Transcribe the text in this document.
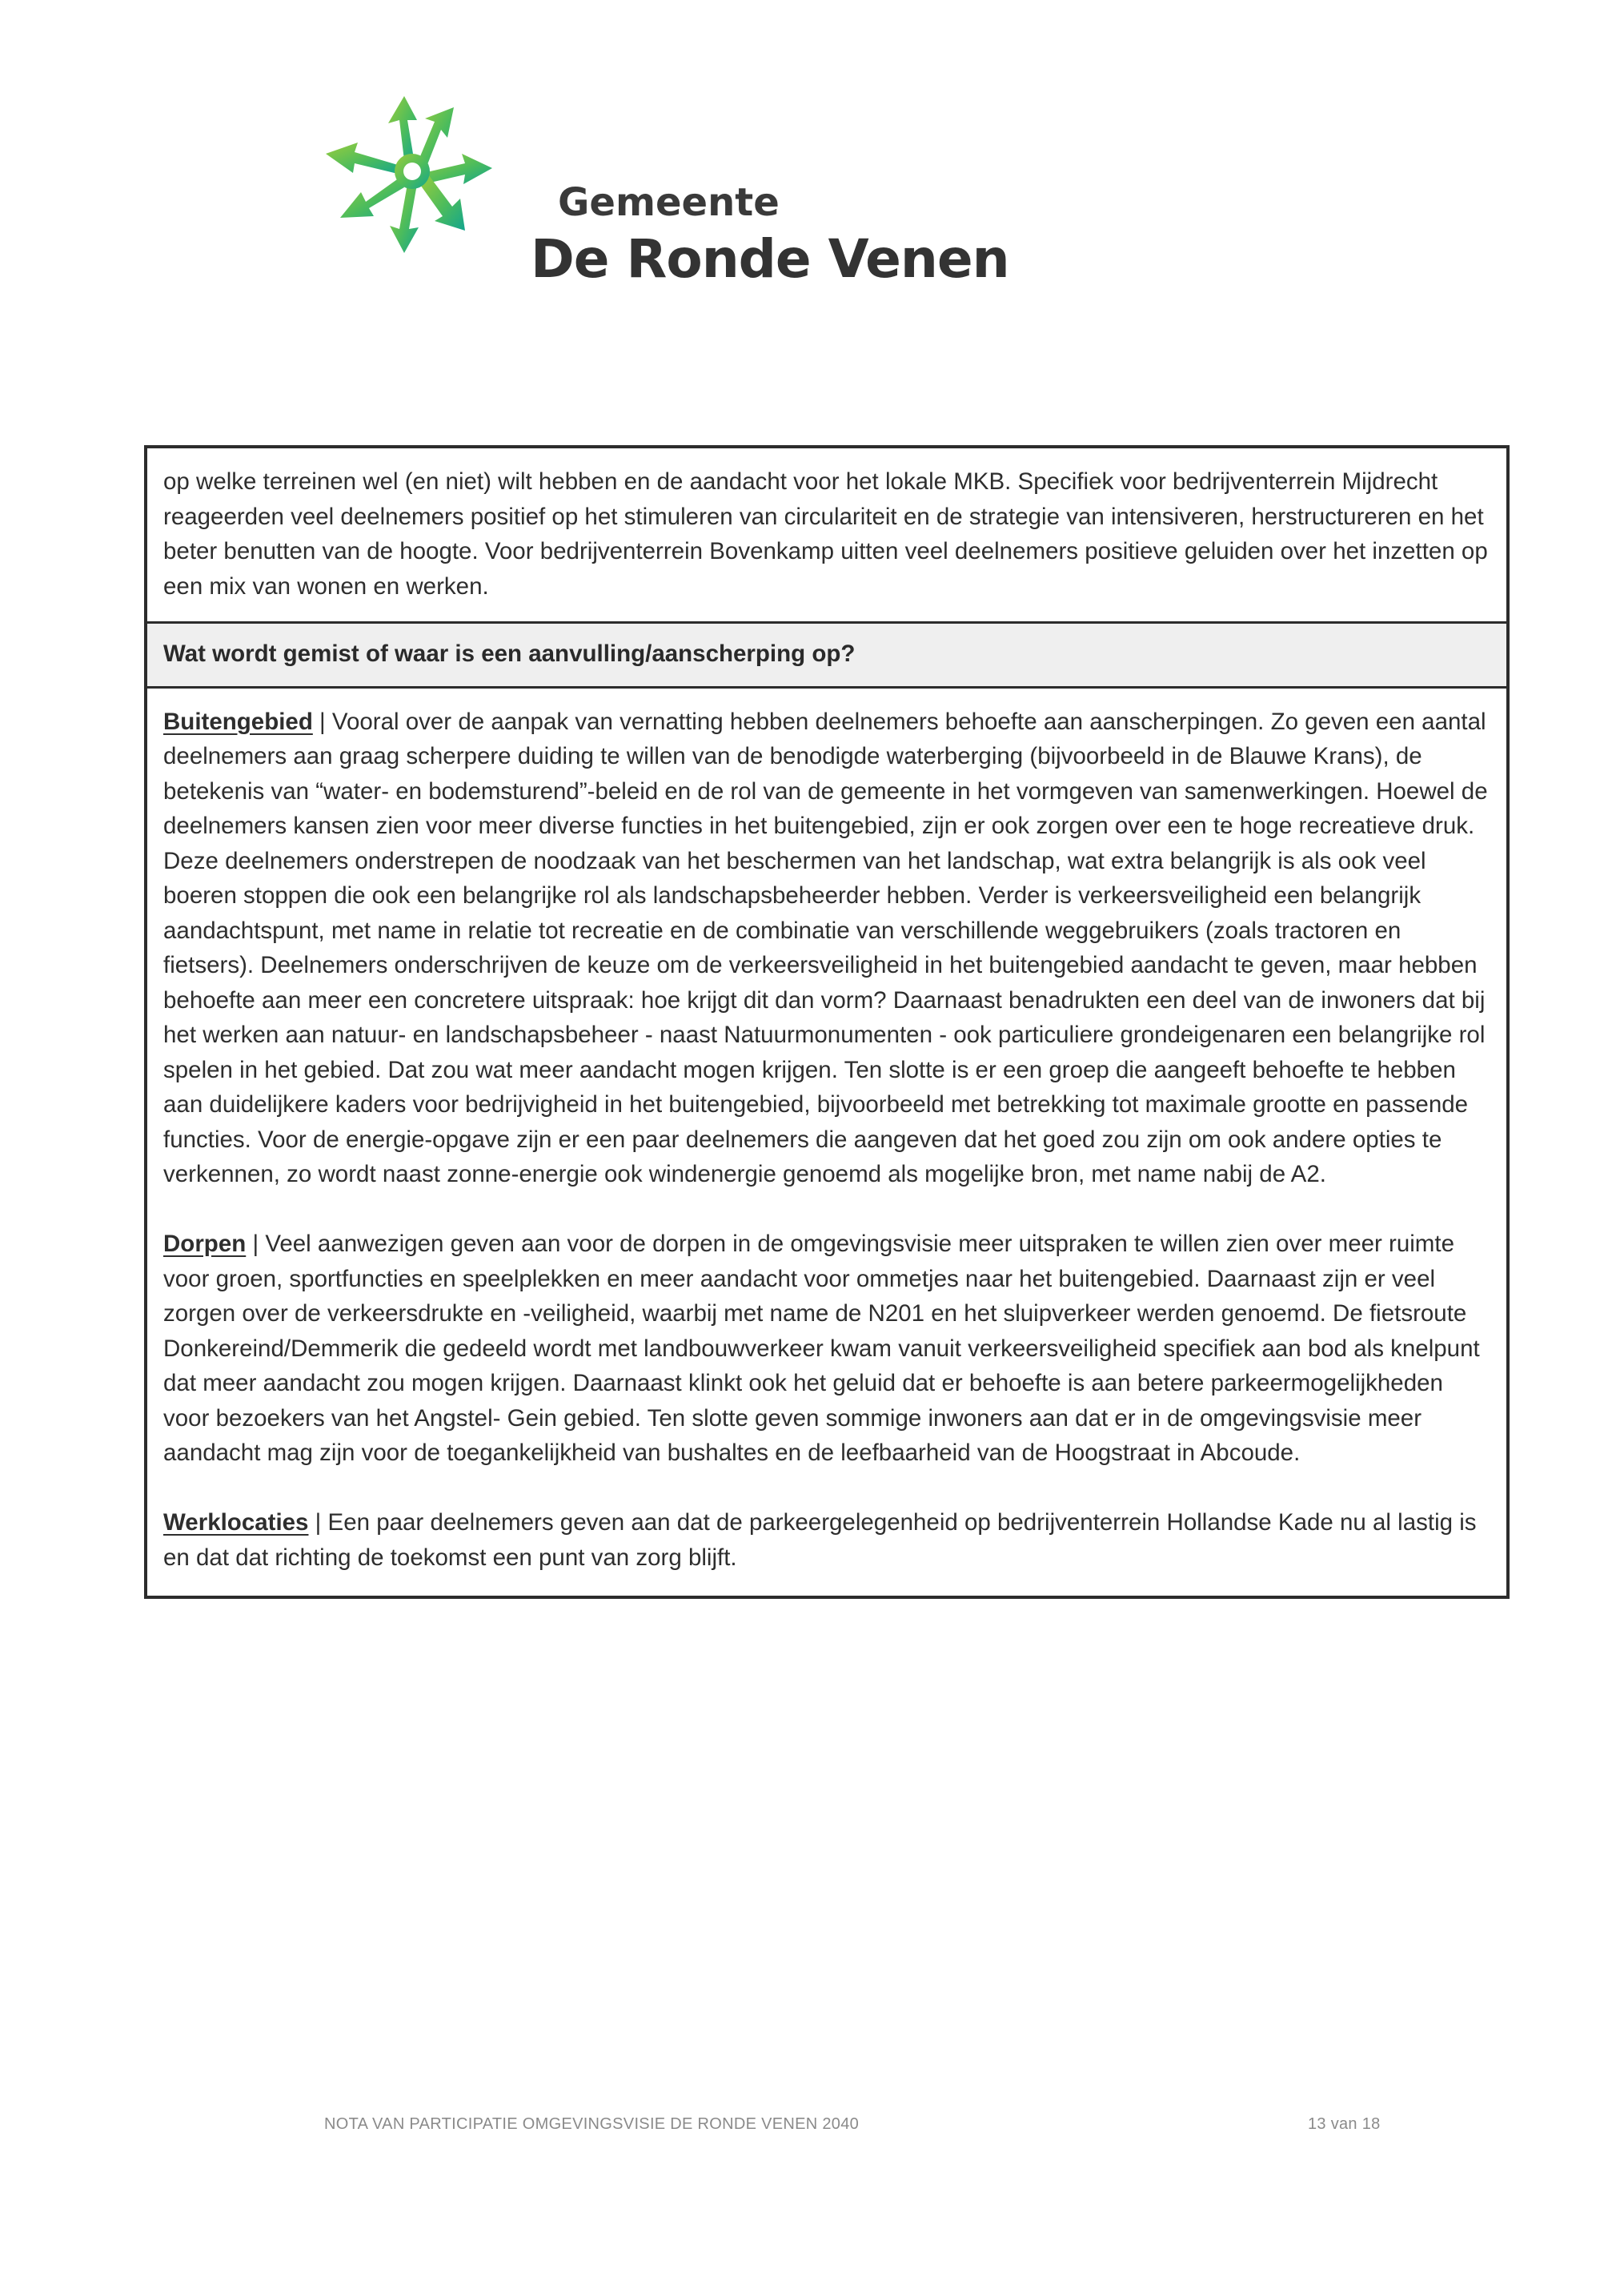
Gemeente
De Ronde Venen

op welke terreinen wel (en niet) wilt hebben en de aandacht voor het lokale MKB. Specifiek voor bedrijventerrein Mijdrecht reageerden veel deelnemers positief op het stimuleren van circulariteit en de strategie van intensiveren, herstructureren en het beter benutten van de hoogte. Voor bedrijventerrein Bovenkamp uitten veel deelnemers positieve geluiden over het inzetten op een mix van wonen en werken.

Wat wordt gemist of waar is een aanvulling/aanscherping op?

Buitengebied | Vooral over de aanpak van vernatting hebben deelnemers behoefte aan aanscherpingen. Zo geven een aantal deelnemers aan graag scherpere duiding te willen van de benodigde waterberging (bijvoorbeeld in de Blauwe Krans), de betekenis van “water- en bodemsturend”-beleid en de rol van de gemeente in het vormgeven van samenwerkingen. Hoewel de deelnemers kansen zien voor meer diverse functies in het buitengebied, zijn er ook zorgen over een te hoge recreatieve druk. Deze deelnemers onderstrepen de noodzaak van het beschermen van het landschap, wat extra belangrijk is als ook veel boeren stoppen die ook een belangrijke rol als landschapsbeheerder hebben. Verder is verkeersveiligheid een belangrijk aandachtspunt, met name in relatie tot recreatie en de combinatie van verschillende weggebruikers (zoals tractoren en fietsers). Deelnemers onderschrijven de keuze om de verkeersveiligheid in het buitengebied aandacht te geven, maar hebben behoefte aan meer een concretere uitspraak: hoe krijgt dit dan vorm? Daarnaast benadrukten een deel van de inwoners dat bij het werken aan natuur- en landschapsbeheer - naast Natuurmonumenten - ook particuliere grondeigenaren een belangrijke rol spelen in het gebied. Dat zou wat meer aandacht mogen krijgen. Ten slotte is er een groep die aangeeft behoefte te hebben aan duidelijkere kaders voor bedrijvigheid in het buitengebied, bijvoorbeeld met betrekking tot maximale grootte en passende functies. Voor de energie-opgave zijn er een paar deelnemers die aangeven dat het goed zou zijn om ook andere opties te verkennen, zo wordt naast zonne-energie ook windenergie genoemd als mogelijke bron, met name nabij de A2.

Dorpen | Veel aanwezigen geven aan voor de dorpen in de omgevingsvisie meer uitspraken te willen zien over meer ruimte voor groen, sportfuncties en speelplekken en meer aandacht voor ommetjes naar het buitengebied. Daarnaast zijn er veel zorgen over de verkeersdrukte en -veiligheid, waarbij met name de N201 en het sluipverkeer werden genoemd. De fietsroute Donkereind/Demmerik die gedeeld wordt met landbouwverkeer kwam vanuit verkeersveiligheid specifiek aan bod als knelpunt dat meer aandacht zou mogen krijgen. Daarnaast klinkt ook het geluid dat er behoefte is aan betere parkeermogelijkheden voor bezoekers van het Angstel- Gein gebied. Ten slotte geven sommige inwoners aan dat er in de omgevingsvisie meer aandacht mag zijn voor de toegankelijkheid van bushaltes en de leefbaarheid van de Hoogstraat in Abcoude.

Werklocaties | Een paar deelnemers geven aan dat de parkeergelegenheid op bedrijventerrein Hollandse Kade nu al lastig is en dat dat richting de toekomst een punt van zorg blijft.

NOTA VAN PARTICIPATIE OMGEVINGSVISIE DE RONDE VENEN 2040	13 van 18
